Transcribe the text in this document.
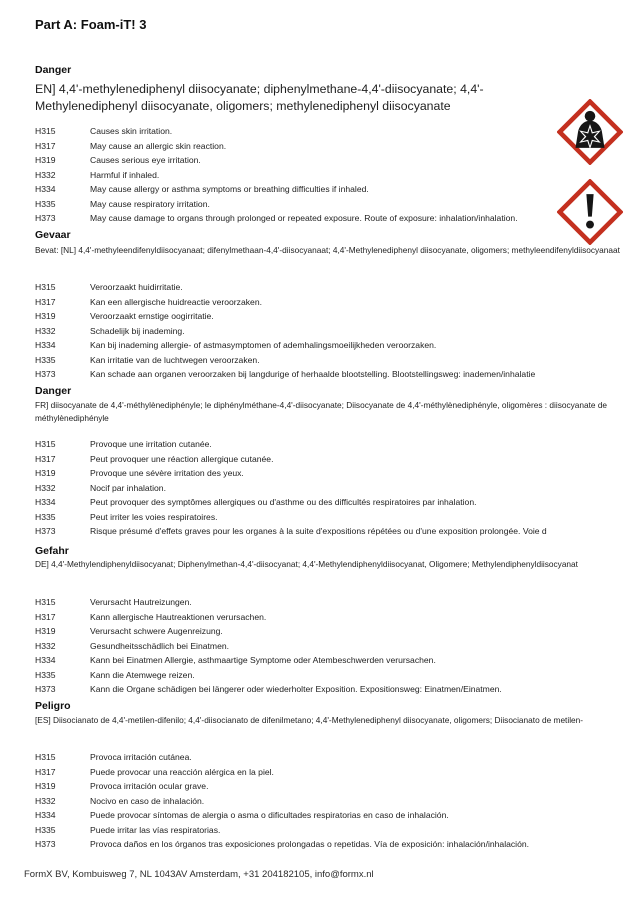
Part A: Foam-iT! 3
Danger
EN] 4,4'-methylenediphenyl diisocyanate; diphenylmethane-4,4'-diisocyanate; 4,4'-Methylenediphenyl diisocyanate, oligomers; methylenediphenyl diisocyanate
H315	Causes skin irritation.
H317	May cause an allergic skin reaction.
H319	Causes serious eye irritation.
H332	Harmful if inhaled.
H334	May cause allergy or asthma symptoms or breathing difficulties if inhaled.
H335	May cause respiratory irritation.
H373	May cause damage to organs through prolonged or repeated exposure. Route of exposure: inhalation/inhalation.
Gevaar
Bevat: [NL] 4,4'-methyleendifenyldiisocyanaat; difenylmethaan-4,4'-diisocyanaat; 4,4'-Methylenediphenyl diisocyanate, oligomers; methyleendifenyldiisocyanaat
H315	Veroorzaakt huidirritatie.
H317	Kan een allergische huidreactie veroorzaken.
H319	Veroorzaakt ernstige oogirritatie.
H332	Schadelijk bij inademing.
H334	Kan bij inademing allergie- of astmasymptomen of ademhalingsmoeilijkheden veroorzaken.
H335	Kan irritatie van de luchtwegen veroorzaken.
H373	Kan schade aan organen veroorzaken bij langdurige of herhaalde blootstelling. Blootstellingsweg: inademen/inhalatie
Danger
FR] diisocyanate de 4,4'-méthylènediphényle; le diphénylméthane-4,4'-diisocyanate; Diisocyanate de 4,4'-méthylènediphényle, oligomères : diisocyanate de méthylènediphényle
H315	Provoque une irritation cutanée.
H317	Peut provoquer une réaction allergique cutanée.
H319	Provoque une sévère irritation des yeux.
H332	Nocif par inhalation.
H334	Peut provoquer des symptômes allergiques ou d'asthme ou des difficultés respiratoires par inhalation.
H335	Peut irriter les voies respiratoires.
H373	Risque présumé d'effets graves pour les organes à la suite d'expositions répétées ou d'une exposition prolongée. Voie d
Gefahr
DE] 4,4'-Methylendiphenyldiisocyanat; Diphenylmethan-4,4'-diisocyanat; 4,4'-Methylendiphenyldiisocyanat, Oligomere; Methylendiphenyldiisocyanat
H315	Verursacht Hautreizungen.
H317	Kann allergische Hautreaktionen verursachen.
H319	Verursacht schwere Augenreizung.
H332	Gesundheitsschädlich bei Einatmen.
H334	Kann bei Einatmen Allergie, asthmaartige Symptome oder Atembeschwerden verursachen.
H335	Kann die Atemwege reizen.
H373	Kann die Organe schädigen bei längerer oder wiederholter Exposition. Expositionsweg: Einatmen/Einatmen.
Peligro
[ES] Diisocianato de 4,4'-metilen-difenilo; 4,4'-diisocianato de difenilmetano; 4,4'-Methylenediphenyl diisocyanate, oligomers; Diisocianato de metilen-
H315	Provoca irritación cutánea.
H317	Puede provocar una reacción alérgica en la piel.
H319	Provoca irritación ocular grave.
H332	Nocivo en caso de inhalación.
H334	Puede provocar síntomas de alergia o asma o dificultades respiratorias en caso de inhalación.
H335	Puede irritar las vías respiratorias.
H373	Provoca daños en los órganos tras exposiciones prolongadas o repetidas. Vía de exposición: inhalación/inhalación.
FormX BV, Kombuisweg 7, NL 1043AV Amsterdam, +31 204182105, info@formx.nl
